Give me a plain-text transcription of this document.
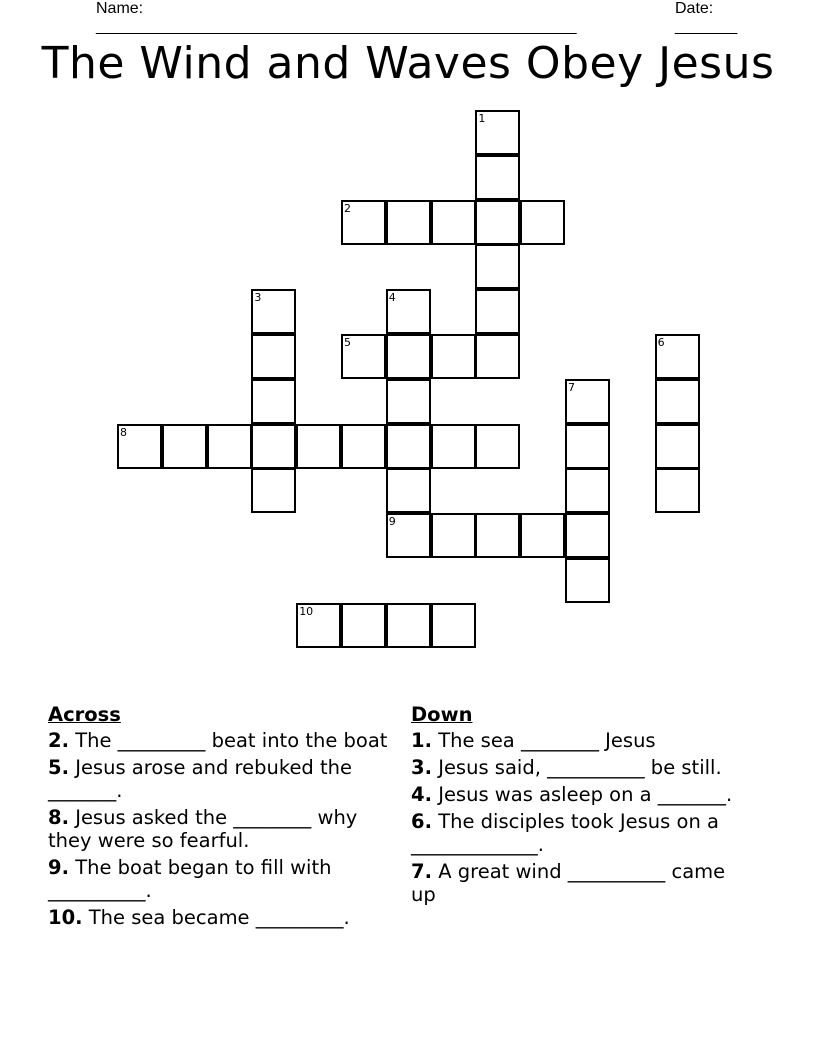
Name: ______________________________________________________
Date: _______
The Wind and Waves Obey Jesus
1
2
3	4
5	6
7
8
9
10
Across
2. The _________ beat into the boat
5. Jesus arose and rebuked the _______.
8. Jesus asked the ________ why they were so fearful.
9. The boat began to fill with __________.
10. The sea became _________.
Down
1. The sea ________ Jesus
3. Jesus said, __________ be still.
4. Jesus was asleep on a _______.
6. The disciples took Jesus on a _____________.
7. A great wind __________ came up
